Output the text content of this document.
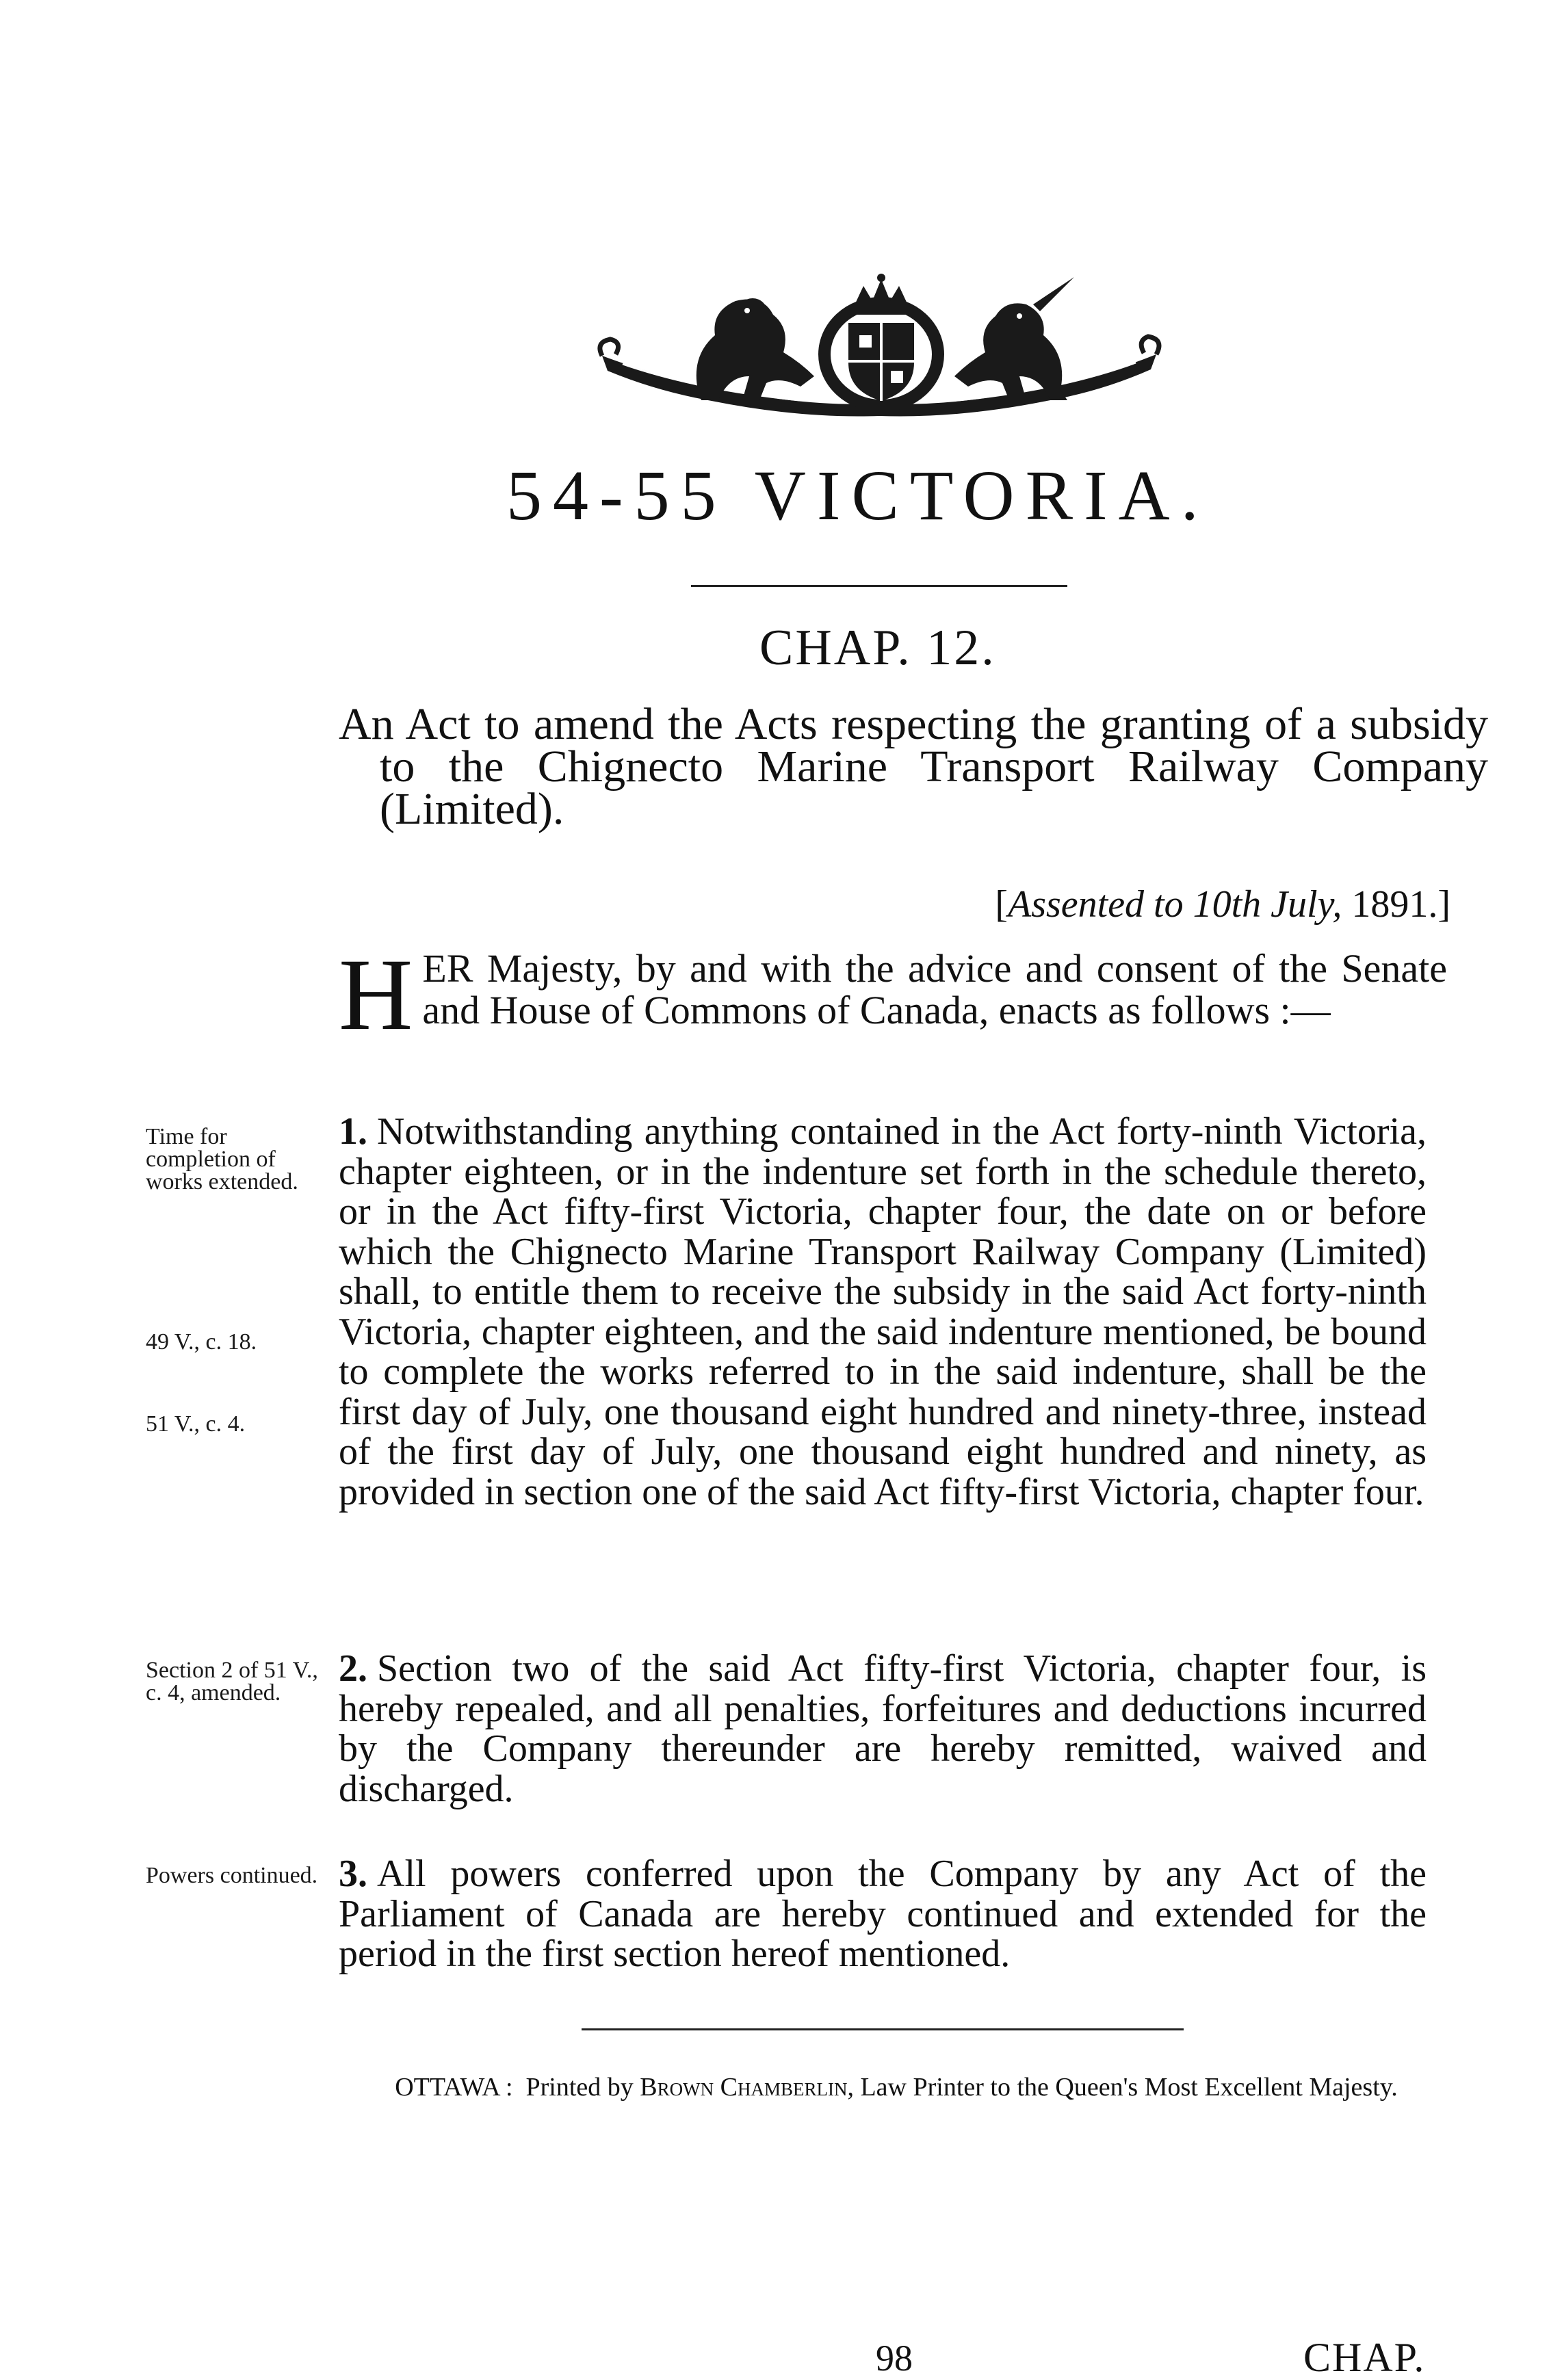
54-55 VICTORIA.
CHAP. 12.
An Act to amend the Acts respecting the granting of a subsidy to the Chignecto Marine Transport Railway Company (Limited).
[Assented to 10th July, 1891.]
H ER Majesty, by and with the advice and consent of the Senate and House of Commons of Canada, enacts as follows :—
Time for completion of works extended.
49 V., c. 18.
51 V., c. 4.
Section 2 of 51 V., c. 4, amended.
Powers continued.
1. Notwithstanding anything contained in the Act forty-ninth Victoria, chapter eighteen, or in the indenture set forth in the schedule thereto, or in the Act fifty-first Victoria, chapter four, the date on or before which the Chignecto Marine Transport Railway Company (Limited) shall, to entitle them to receive the subsidy in the said Act forty-ninth Victoria, chapter eighteen, and the said indenture mentioned, be bound to complete the works referred to in the said indenture, shall be the first day of July, one thousand eight hundred and ninety-three, instead of the first day of July, one thousand eight hundred and ninety, as provided in section one of the said Act fifty-first Victoria, chapter four.
2. Section two of the said Act fifty-first Victoria, chapter four, is hereby repealed, and all penalties, forfeitures and deductions incurred by the Company thereunder are hereby remitted, waived and discharged.
3. All powers conferred upon the Company by any Act of the Parliament of Canada are hereby continued and extended for the period in the first section hereof mentioned.
OTTAWA : Printed by Brown Chamberlin, Law Printer to the Queen's Most Excellent Majesty.
98	CHAP.
